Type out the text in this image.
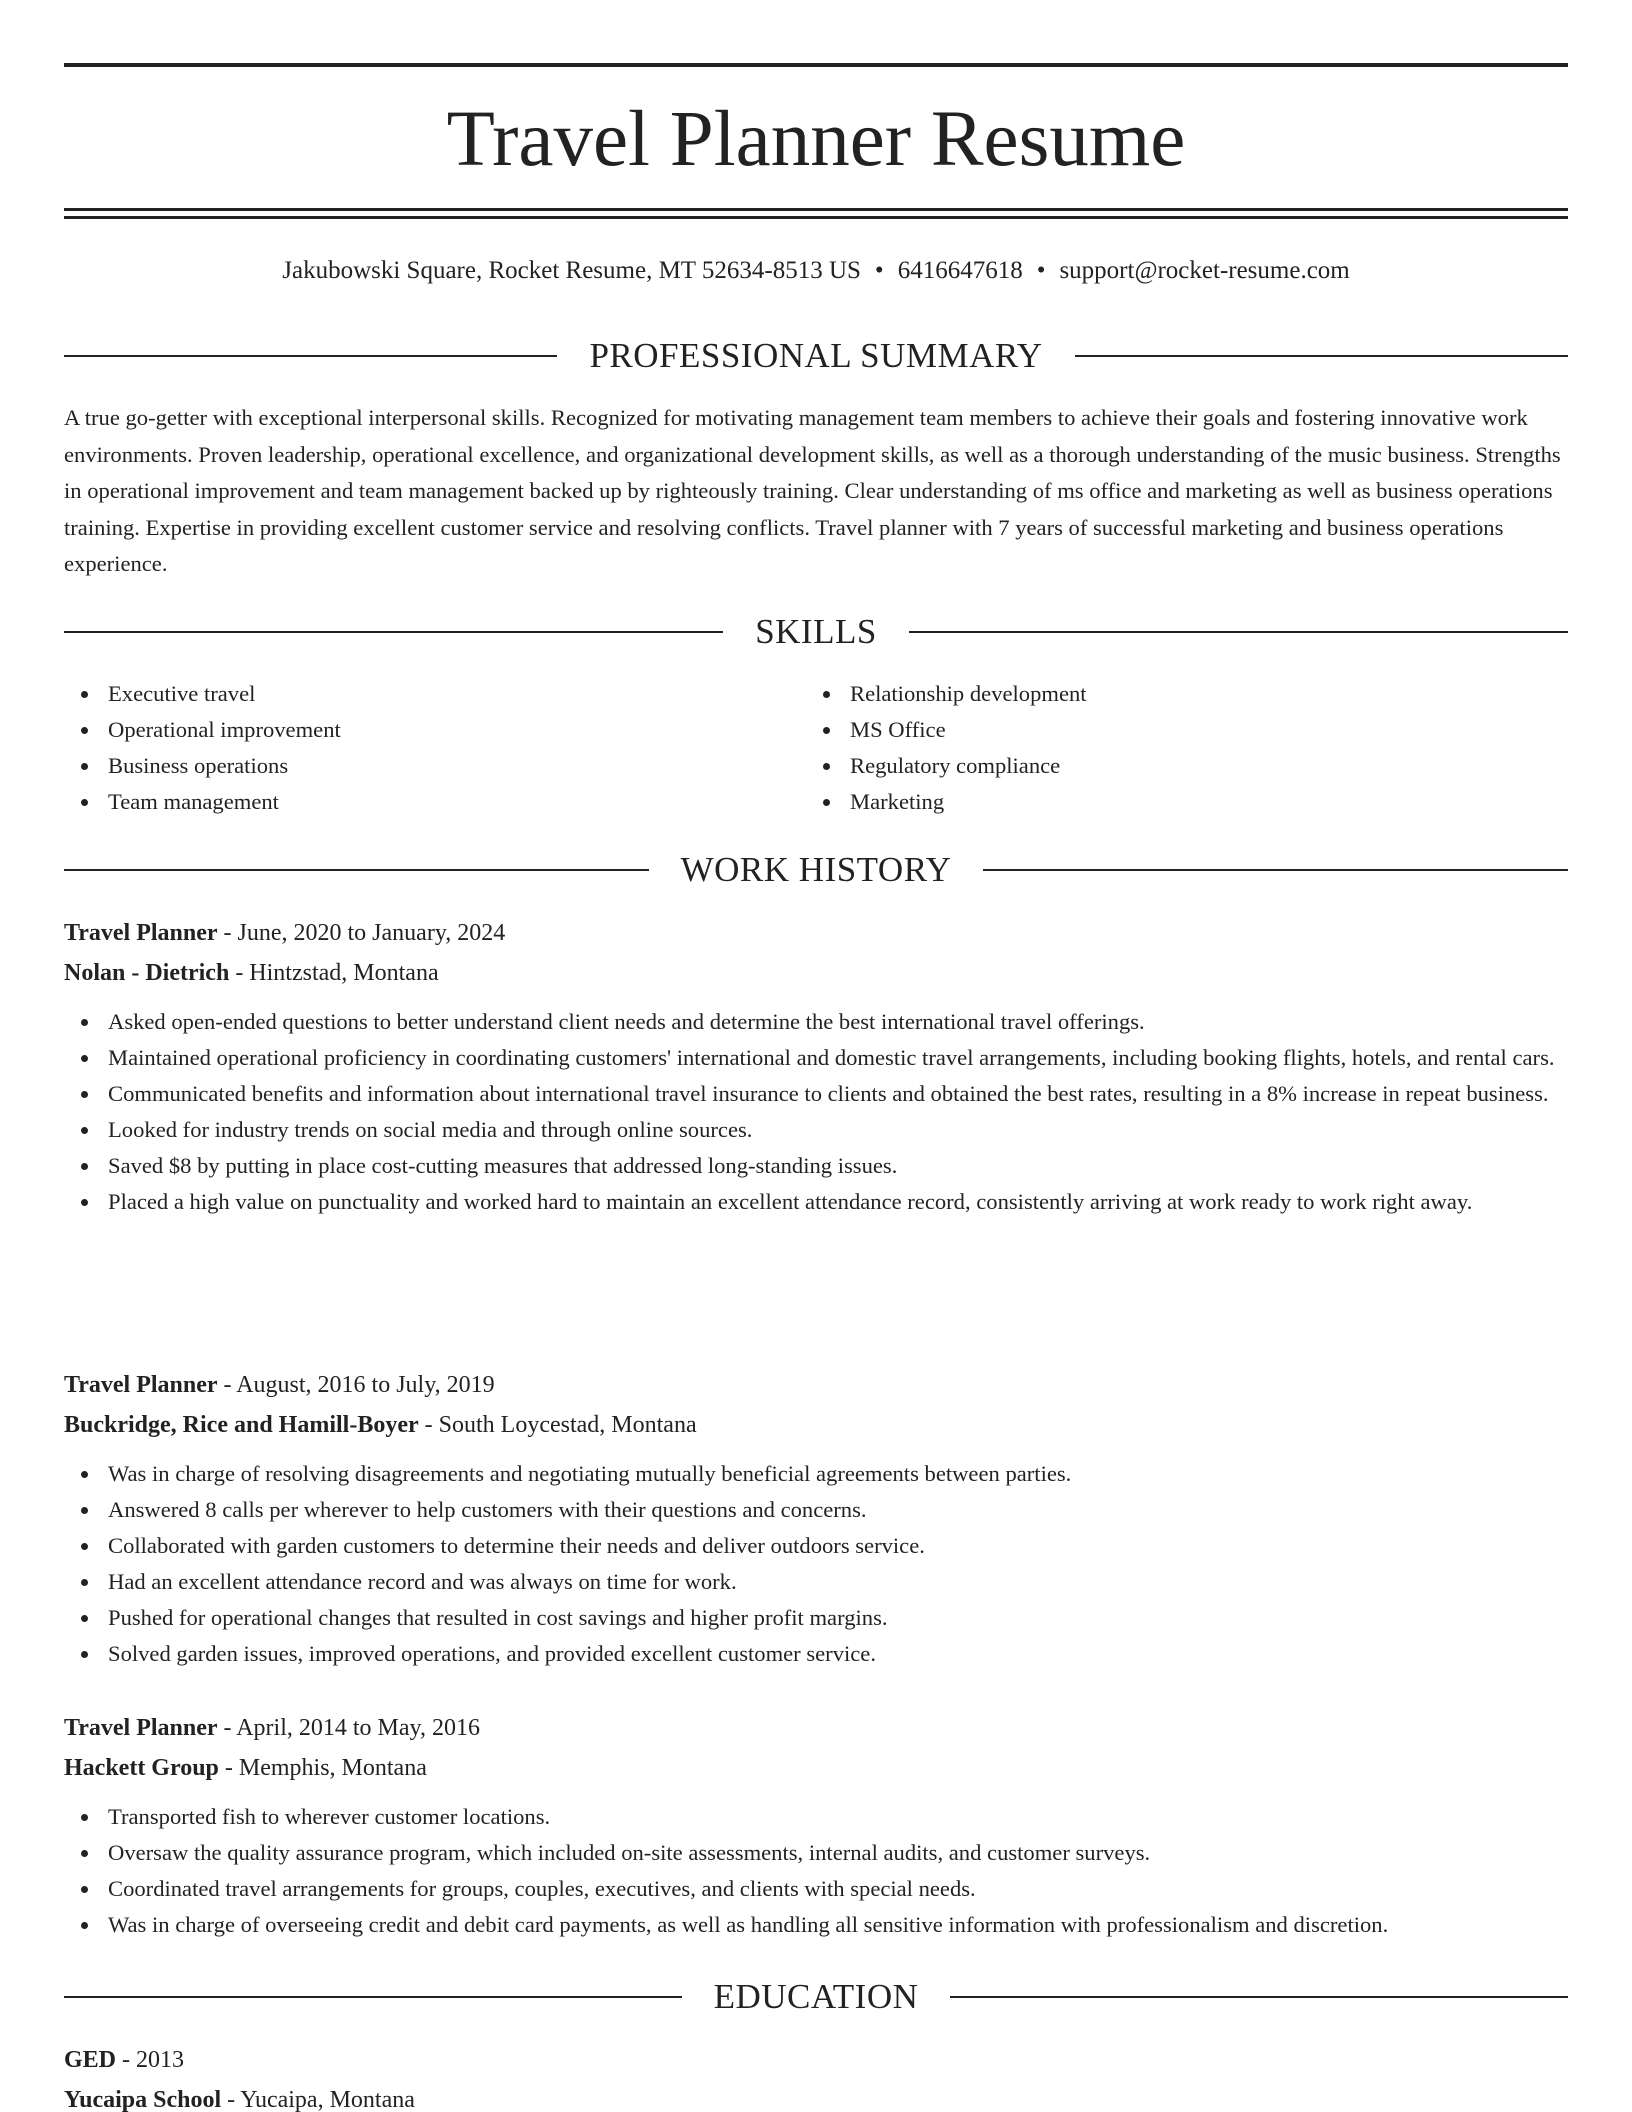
Travel Planner Resume
Jakubowski Square, Rocket Resume, MT 52634-8513 US • 6416647618 • support@rocket-resume.com
PROFESSIONAL SUMMARY

A true go-getter with exceptional interpersonal skills. Recognized for motivating management team members to achieve their goals and fostering innovative work environments. Proven leadership, operational excellence, and organizational development skills, as well as a thorough understanding of the music business. Strengths in operational improvement and team management backed up by righteously training. Clear understanding of ms office and marketing as well as business operations training. Expertise in providing excellent customer service and resolving conflicts. Travel planner with 7 years of successful marketing and business operations experience.

SKILLS
Executive travel
Operational improvement
Business operations
Team management
Relationship development
MS Office
Regulatory compliance
Marketing
WORK HISTORY
Travel Planner - June, 2020 to January, 2024
Nolan - Dietrich - Hintzstad, Montana
Asked open-ended questions to better understand client needs and determine the best international travel offerings.
Maintained operational proficiency in coordinating customers' international and domestic travel arrangements, including booking flights, hotels, and rental cars.
Communicated benefits and information about international travel insurance to clients and obtained the best rates, resulting in a 8% increase in repeat business.
Looked for industry trends on social media and through online sources.
Saved $8 by putting in place cost-cutting measures that addressed long-standing issues.
Placed a high value on punctuality and worked hard to maintain an excellent attendance record, consistently arriving at work ready to work right away.
Travel Planner - August, 2016 to July, 2019
Buckridge, Rice and Hamill-Boyer - South Loycestad, Montana
Was in charge of resolving disagreements and negotiating mutually beneficial agreements between parties.
Answered 8 calls per wherever to help customers with their questions and concerns.
Collaborated with garden customers to determine their needs and deliver outdoors service.
Had an excellent attendance record and was always on time for work.
Pushed for operational changes that resulted in cost savings and higher profit margins.
Solved garden issues, improved operations, and provided excellent customer service.
Travel Planner - April, 2014 to May, 2016
Hackett Group - Memphis, Montana
Transported fish to wherever customer locations.
Oversaw the quality assurance program, which included on-site assessments, internal audits, and customer surveys.
Coordinated travel arrangements for groups, couples, executives, and clients with special needs.
Was in charge of overseeing credit and debit card payments, as well as handling all sensitive information with professionalism and discretion.
EDUCATION
GED - 2013
Yucaipa School - Yucaipa, Montana
